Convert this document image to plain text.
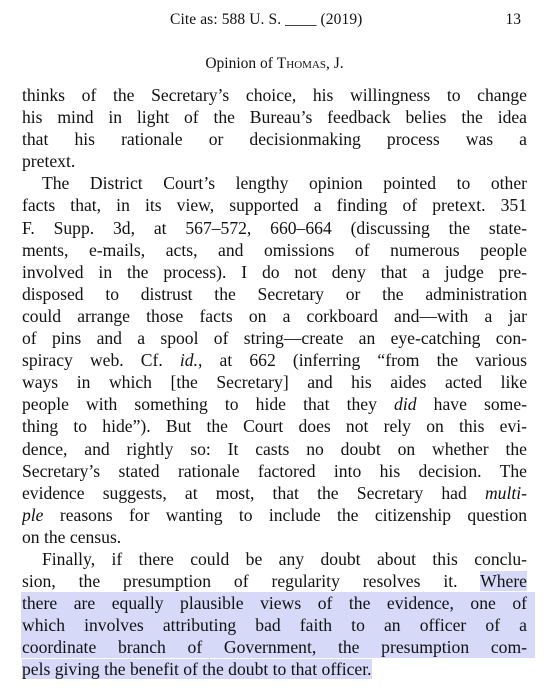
Cite as: 588 U. S. ____ (2019)	13
Opinion of Thomas, J.
thinks of the Secretary’s choice, his willingness to change
his mind in light of the Bureau’s feedback belies the idea
that his rationale or decisionmaking process was a
pretext.
The District Court’s lengthy opinion pointed to other
facts that, in its view, supported a finding of pretext. 351
F. Supp. 3d, at 567–572, 660–664 (discussing the state-
ments, e-mails, acts, and omissions of numerous people
involved in the process). I do not deny that a judge pre-
disposed to distrust the Secretary or the administration
could arrange those facts on a corkboard and—with a jar
of pins and a spool of string—create an eye-catching con-
spiracy web. Cf. id., at 662 (inferring “from the various
ways in which [the Secretary] and his aides acted like
people with something to hide that they did have some-
thing to hide”). But the Court does not rely on this evi-
dence, and rightly so: It casts no doubt on whether the
Secretary’s stated rationale factored into his decision. The
evidence suggests, at most, that the Secretary had multi-
ple reasons for wanting to include the citizenship question
on the census.
Finally, if there could be any doubt about this conclu-
sion, the presumption of regularity resolves it. Where
there are equally plausible views of the evidence, one of
which involves attributing bad faith to an officer of a
coordinate branch of Government, the presumption com-
pels giving the benefit of the doubt to that officer.
